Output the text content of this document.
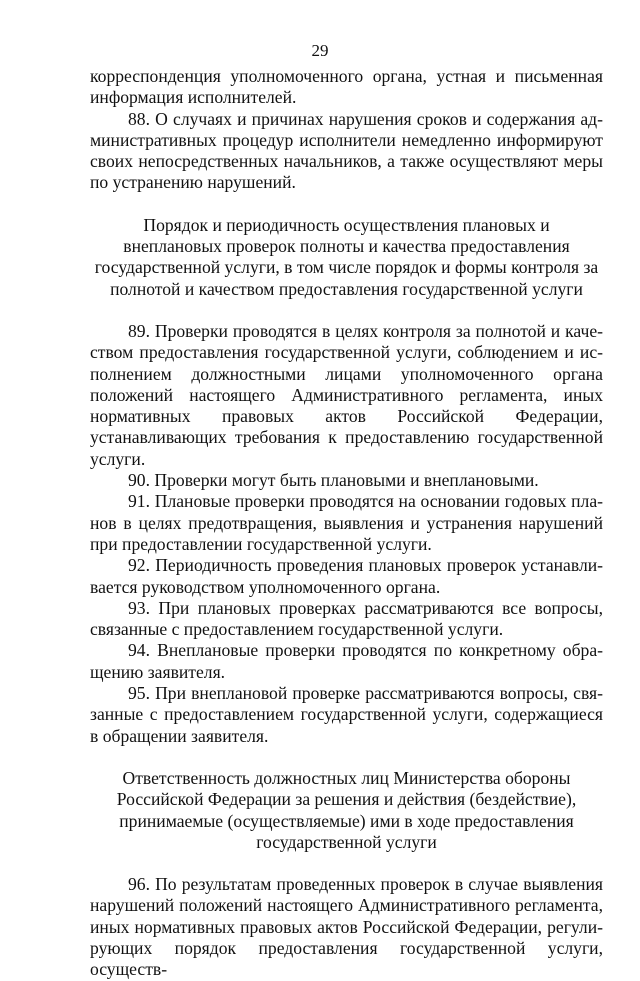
29

корреспонденция уполномоченного органа, устная и письменная информация исполнителей.

88. О случаях и причинах нарушения сроков и содержания административных процедур исполнители немедленно информируют своих непосредственных начальников, а также осуществляют меры по устранению нарушений.

Порядок и периодичность осуществления плановых и внеплановых проверок полноты и качества предоставления государственной услуги, в том числе порядок и формы контроля за полнотой и качеством предоставления государственной услуги

89. Проверки проводятся в целях контроля за полнотой и качеством предоставления государственной услуги, соблюдением и исполнением должностными лицами уполномоченного органа положений настоящего Административного регламента, иных нормативных правовых актов Российской Федерации, устанавливающих требования к предоставлению государственной услуги.

90. Проверки могут быть плановыми и внеплановыми.

91. Плановые проверки проводятся на основании годовых планов в целях предотвращения, выявления и устранения нарушений при предоставлении государственной услуги.

92. Периодичность проведения плановых проверок устанавливается руководством уполномоченного органа.

93. При плановых проверках рассматриваются все вопросы, связанные с предоставлением государственной услуги.

94. Внеплановые проверки проводятся по конкретному обращению заявителя.

95. При внеплановой проверке рассматриваются вопросы, связанные с предоставлением государственной услуги, содержащиеся в обращении заявителя.

Ответственность должностных лиц Министерства обороны Российской Федерации за решения и действия (бездействие), принимаемые (осуществляемые) ими в ходе предоставления государственной услуги

96. По результатам проведенных проверок в случае выявления нарушений положений настоящего Административного регламента, иных нормативных правовых актов Российской Федерации, регулирующих порядок предоставления государственной услуги, осуществ-
